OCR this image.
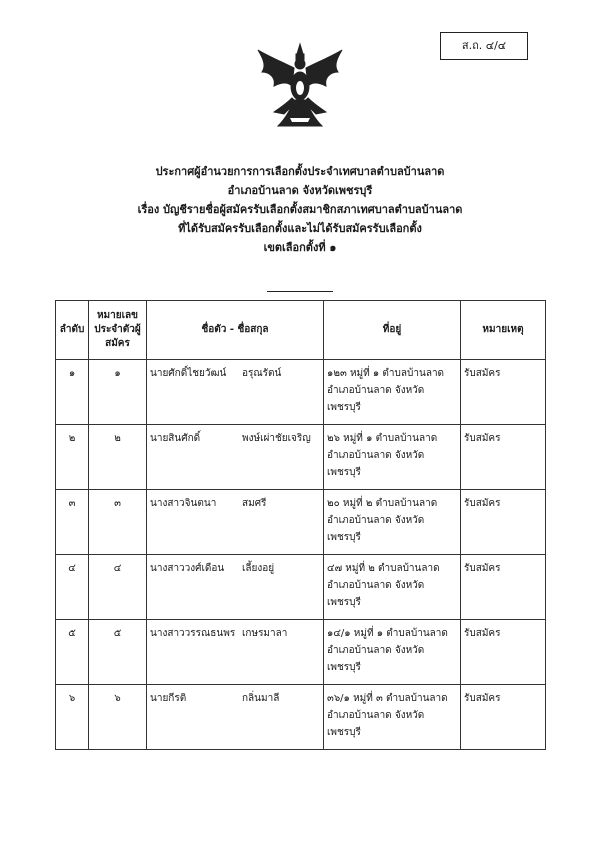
ส.ถ. ๔/๔
ประกาศผู้อำนวยการการเลือกตั้งประจำเทศบาลตำบลบ้านลาด
อำเภอบ้านลาด จังหวัดเพชรบุรี
เรื่อง บัญชีรายชื่อผู้สมัครรับเลือกตั้งสมาชิกสภาเทศบาลตำบลบ้านลาด
ที่ได้รับสมัครรับเลือกตั้งและไม่ได้รับสมัครรับเลือกตั้ง
เขตเลือกตั้งที่ ๑
ลำดับ	หมายเลขประจำตัวผู้สมัคร	ชื่อตัว - ชื่อสกุล	ที่อยู่	หมายเหตุ
๑	๑	นายศักดิ์ไชยวัฒน์ อรุณรัตน์	๑๒๓ หมู่ที่ ๑ ตำบลบ้านลาด อำเภอบ้านลาด จังหวัดเพชรบุรี	รับสมัคร
๒	๒	นายสินศักดิ์ พงษ์เผ่าชัยเจริญ	๒๖ หมู่ที่ ๑ ตำบลบ้านลาด อำเภอบ้านลาด จังหวัดเพชรบุรี	รับสมัคร
๓	๓	นางสาวจินตนา สมศรี	๒๐ หมู่ที่ ๒ ตำบลบ้านลาด อำเภอบ้านลาด จังหวัดเพชรบุรี	รับสมัคร
๔	๔	นางสาววงศ์เดือน เลี้ยงอยู่	๔๗ หมู่ที่ ๒ ตำบลบ้านลาด อำเภอบ้านลาด จังหวัดเพชรบุรี	รับสมัคร
๕	๕	นางสาววรรณธนพร เกษรมาลา	๑๔/๑ หมู่ที่ ๑ ตำบลบ้านลาด อำเภอบ้านลาด จังหวัดเพชรบุรี	รับสมัคร
๖	๖	นายกีรติ กลิ่นมาลี	๓๖/๑ หมู่ที่ ๓ ตำบลบ้านลาด อำเภอบ้านลาด จังหวัดเพชรบุรี	รับสมัคร
